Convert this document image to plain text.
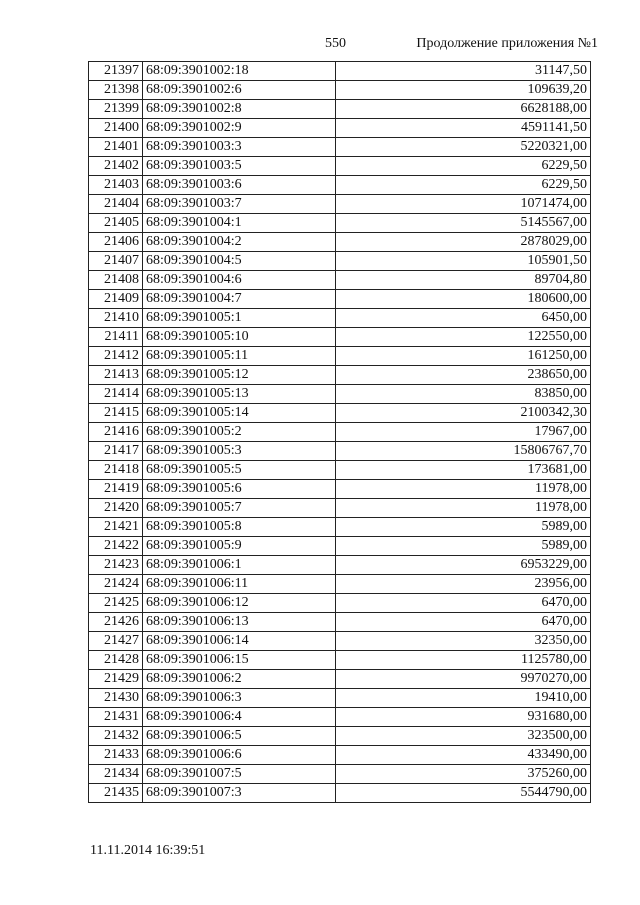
550	Продолжение приложения №1
21397	68:09:3901002:18	31147,50
21398	68:09:3901002:6	109639,20
21399	68:09:3901002:8	6628188,00
21400	68:09:3901002:9	4591141,50
21401	68:09:3901003:3	5220321,00
21402	68:09:3901003:5	6229,50
21403	68:09:3901003:6	6229,50
21404	68:09:3901003:7	1071474,00
21405	68:09:3901004:1	5145567,00
21406	68:09:3901004:2	2878029,00
21407	68:09:3901004:5	105901,50
21408	68:09:3901004:6	89704,80
21409	68:09:3901004:7	180600,00
21410	68:09:3901005:1	6450,00
21411	68:09:3901005:10	122550,00
21412	68:09:3901005:11	161250,00
21413	68:09:3901005:12	238650,00
21414	68:09:3901005:13	83850,00
21415	68:09:3901005:14	2100342,30
21416	68:09:3901005:2	17967,00
21417	68:09:3901005:3	15806767,70
21418	68:09:3901005:5	173681,00
21419	68:09:3901005:6	11978,00
21420	68:09:3901005:7	11978,00
21421	68:09:3901005:8	5989,00
21422	68:09:3901005:9	5989,00
21423	68:09:3901006:1	6953229,00
21424	68:09:3901006:11	23956,00
21425	68:09:3901006:12	6470,00
21426	68:09:3901006:13	6470,00
21427	68:09:3901006:14	32350,00
21428	68:09:3901006:15	1125780,00
21429	68:09:3901006:2	9970270,00
21430	68:09:3901006:3	19410,00
21431	68:09:3901006:4	931680,00
21432	68:09:3901006:5	323500,00
21433	68:09:3901006:6	433490,00
21434	68:09:3901007:5	375260,00
21435	68:09:3901007:3	5544790,00
11.11.2014 16:39:51
